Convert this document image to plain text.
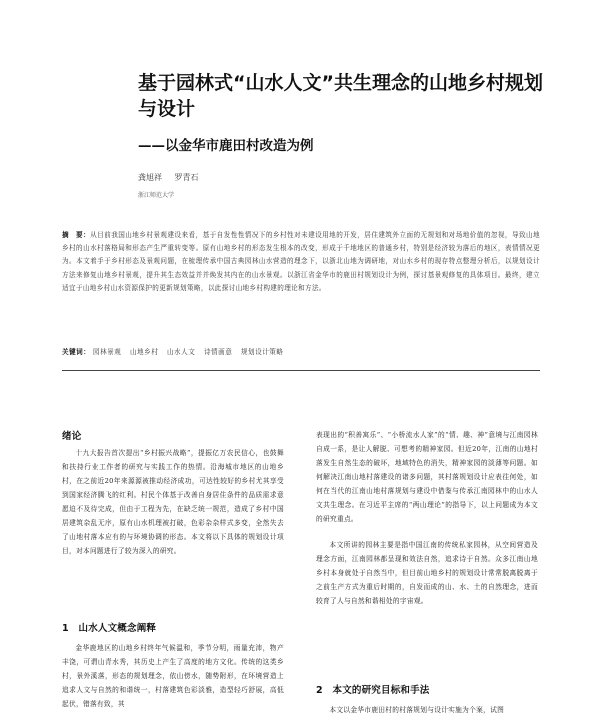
基于园林式“山水人文”共生理念的山地乡村规划与设计
——以金华市鹿田村改造为例
龚旭祥 罗青石
浙江师范大学
摘　要：从目前我国山地乡村景观建设来看，基于自发性性情况下的乡村性对未建设用地的开发，居住建筑外立面的无规划和对场地价值的忽视，导致山地乡村的山水村落格局和形态产生严重转变等。原有山地乡村的形态发生根本的改变，形成于千地地区的普通乡村，特别是经济较为落后的地区，表情情况更为。本文着手于乡村形态及景观问题，在梳理传承中国古典园林山水营造的理念下，以浙北山地为调研地，对山水乡村的现存特点整理分析后，以规划设计方法来修复山地乡村景观，提升其生态效益并并焕发其内在的山水景观。以浙江省金华市的鹿田村规划设计为例，探讨基景观修复的具体项目。最终，建立适宜于山地乡村山水资源保护的更新规划策略，以此探讨山地乡村构建的理论和方法。
关键词： 园林景观 山地乡村 山水人文 诗情画意 规划设计策略
绪论

十九大报告首次提出“乡村振兴战略”，提振亿万农民信心，也鼓舞和扶持行业工作者的研究与实践工作的热情。沿海城市地区的山地乡村，在之前近20年来源源被推动经济成功，可达性较好的乡村尤其享受到国家经济腾飞的红利。村民个体基于改善自身居住条件的品质需求意愿迫不及待完成，但由于工程为先，在缺乏统一规范，造成了乡村中国居建筑杂乱无序，原有山水机理被打破，色彩杂杂样式多变，全然失去了山地村落本应有的与环境协调的形态。本文将以下具体的规划设计项目，对本问题进行了较为深入的研究。

1　山水人文概念阐释

金华鹿地区的山地乡村终年气候温和，季节分明，雨量充沛，物产丰饶，可谓山青水秀，其历史上产生了高度的地方文化。传统的这类乡村，景外溪落，形态的规划理念，依山傍水，随势附形，在环境营造上追求人文与自然的和谐统一，村落建筑色彩淡雅，造型轻巧舒展，高低起伏，错落有致，其

表现出的“积善寓乐”、“小桥流水人家”的“情、趣、神”意境与江南园林自成一系，是让人解脱、可想考的精神家园。但近20年，江南的山地村落发生自然生态的破坏，地域特色的消失，精神家园的淡薄等问题。如何解决江南山地村落建设的诸多问题，其村落规划设计应表往何处，如何在当代的江南山地村落规划与建设中借鉴与传承江南园林中的山水人文共生理念。在习近平主席的“两山理论”的指导下，以上问题成为本文的研究重点。

本文所讲的园林主要是指中国江南的传统私家园林，从空间营造及理念方面，江南园林都呈现和效法自然，追求诗于自然。众多江南山地乡村本身就处于自然当中，但目前山地乡村的规划设计常常脱离脱离于之前生产方式为重后时期的，自发而成的山、水、土的自然理念，进而较育了人与自然和谐相处的宇宙观。

2　本文的研究目标和手法

本文以金华市鹿田村的村落规划与设计实施为个案，试图
